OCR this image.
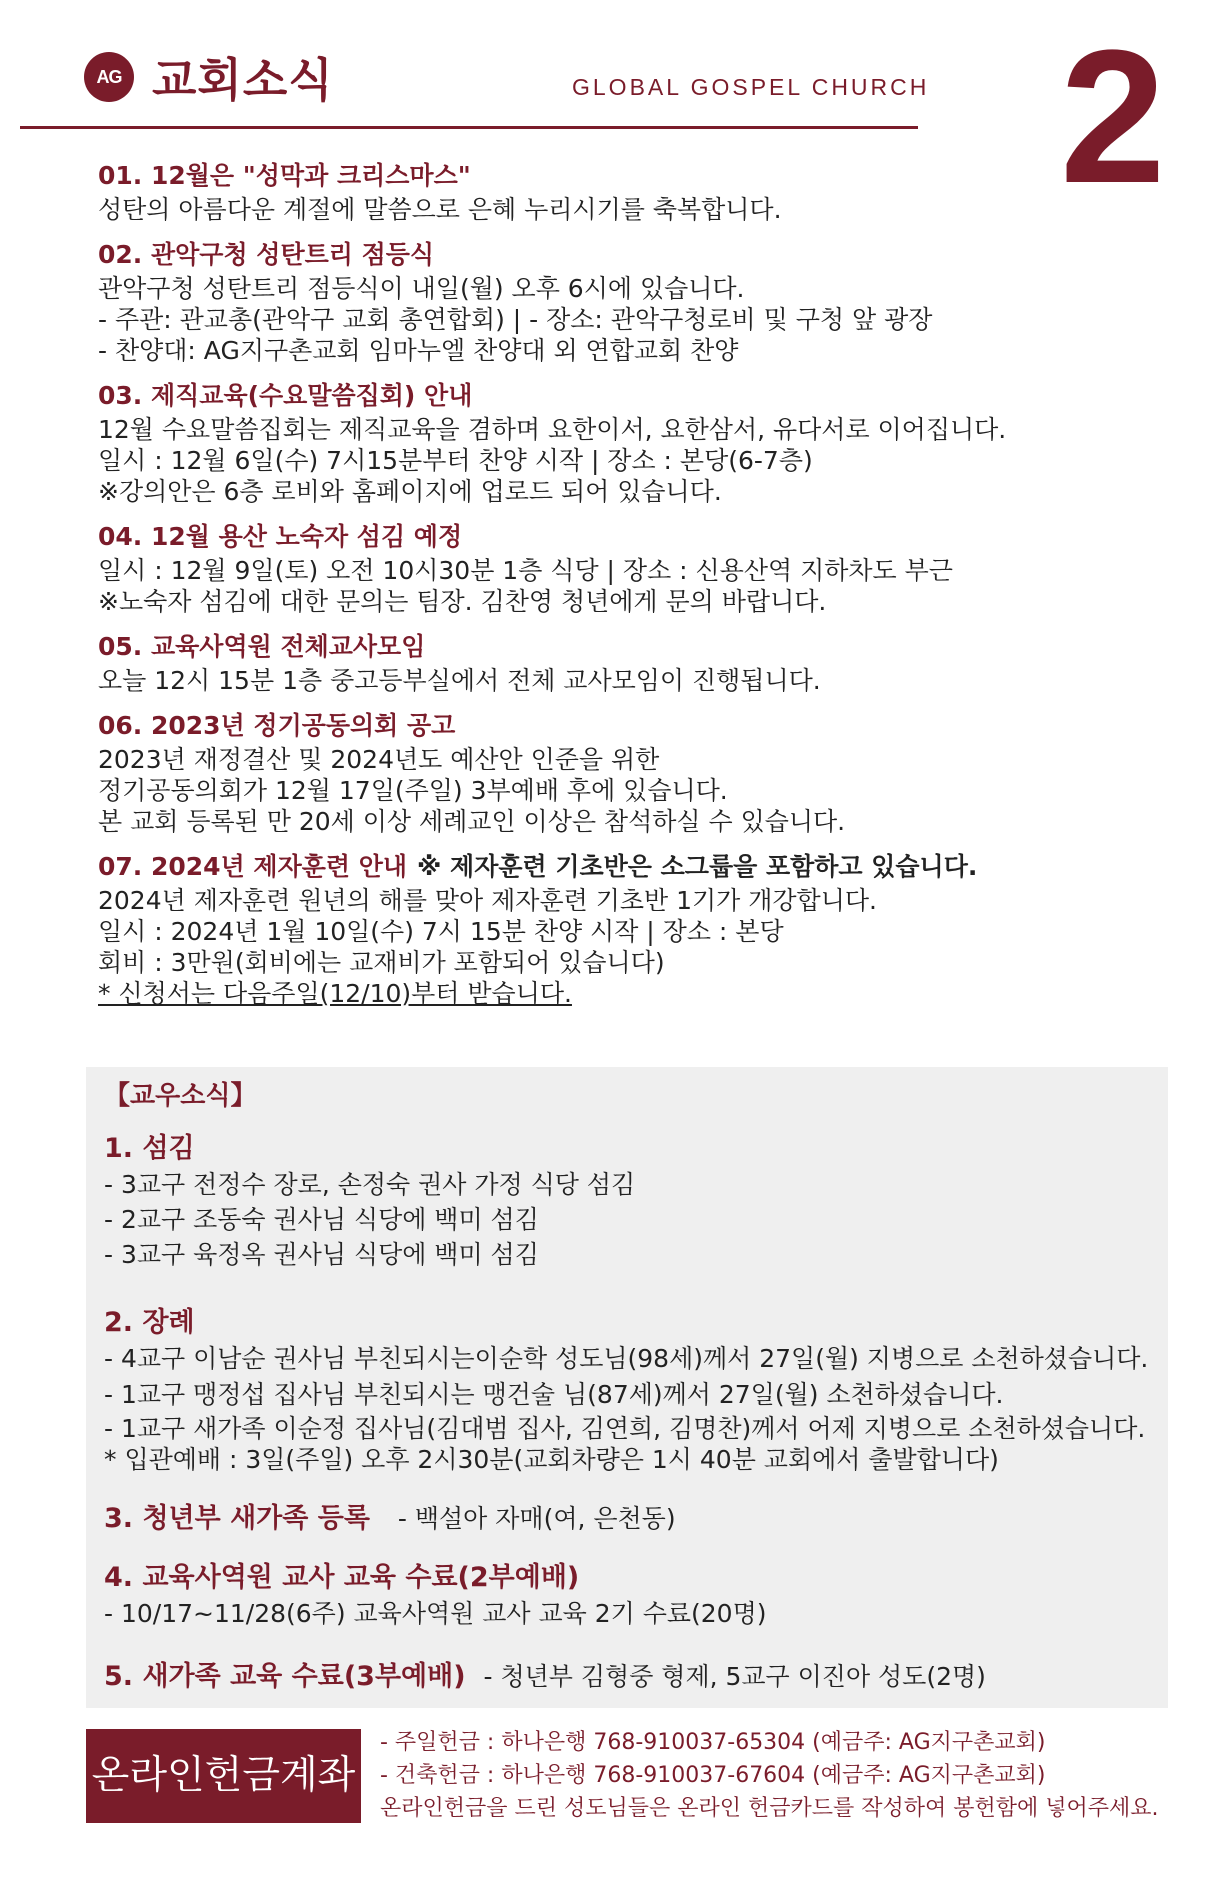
AG 교회소식	GLOBAL GOSPEL CHURCH 2
01. 12월은 "성막과 크리스마스"
성탄의 아름다운 계절에 말씀으로 은혜 누리시기를 축복합니다.
02. 관악구청 성탄트리 점등식
관악구청 성탄트리 점등식이 내일(월) 오후 6시에 있습니다.
- 주관: 관교총(관악구 교회 총연합회) | - 장소: 관악구청로비 및 구청 앞 광장
- 찬양대: AG지구촌교회 임마누엘 찬양대 외 연합교회 찬양
03. 제직교육(수요말씀집회) 안내
12월 수요말씀집회는 제직교육을 겸하며 요한이서, 요한삼서, 유다서로 이어집니다.
일시 : 12월 6일(수) 7시15분부터 찬양 시작 | 장소 : 본당(6-7층)
※강의안은 6층 로비와 홈페이지에 업로드 되어 있습니다.
04. 12월 용산 노숙자 섬김 예정
일시 : 12월 9일(토) 오전 10시30분 1층 식당 | 장소 : 신용산역 지하차도 부근
※노숙자 섬김에 대한 문의는 팀장. 김찬영 청년에게 문의 바랍니다.
05. 교육사역원 전체교사모임
오늘 12시 15분 1층 중고등부실에서 전체 교사모임이 진행됩니다.
06. 2023년 정기공동의회 공고
2023년 재정결산 및 2024년도 예산안 인준을 위한
정기공동의회가 12월 17일(주일) 3부예배 후에 있습니다.
본 교회 등록된 만 20세 이상 세례교인 이상은 참석하실 수 있습니다.
07. 2024년 제자훈련 안내 ※ 제자훈련 기초반은 소그룹을 포함하고 있습니다.
2024년 제자훈련 원년의 해를 맞아 제자훈련 기초반 1기가 개강합니다.
일시 : 2024년 1월 10일(수) 7시 15분 찬양 시작 | 장소 : 본당
회비 : 3만원(회비에는 교재비가 포함되어 있습니다)
* 신청서는 다음주일(12/10)부터 받습니다.
【교우소식】
1. 섬김
- 3교구 전정수 장로, 손정숙 권사 가정 식당 섬김
- 2교구 조동숙 권사님 식당에 백미 섬김
- 3교구 육정옥 권사님 식당에 백미 섬김
2. 장례
- 4교구 이남순 권사님 부친되시는이순학 성도님(98세)께서 27일(월) 지병으로 소천하셨습니다.
- 1교구 맹정섭 집사님 부친되시는 맹건술 님(87세)께서 27일(월) 소천하셨습니다.
- 1교구 새가족 이순정 집사님(김대범 집사, 김연희, 김명찬)께서 어제 지병으로 소천하셨습니다.
* 입관예배 : 3일(주일) 오후 2시30분(교회차량은 1시 40분 교회에서 출발합니다)
3. 청년부 새가족 등록 - 백설아 자매(여, 은천동)
4. 교육사역원 교사 교육 수료(2부예배)
- 10/17~11/28(6주) 교육사역원 교사 교육 2기 수료(20명)
5. 새가족 교육 수료(3부예배) - 청년부 김형중 형제, 5교구 이진아 성도(2명)
온라인헌금계좌
- 주일헌금 : 하나은행 768-910037-65304 (예금주: AG지구촌교회)
- 건축헌금 : 하나은행 768-910037-67604 (예금주: AG지구촌교회)
온라인헌금을 드린 성도님들은 온라인 헌금카드를 작성하여 봉헌함에 넣어주세요.
